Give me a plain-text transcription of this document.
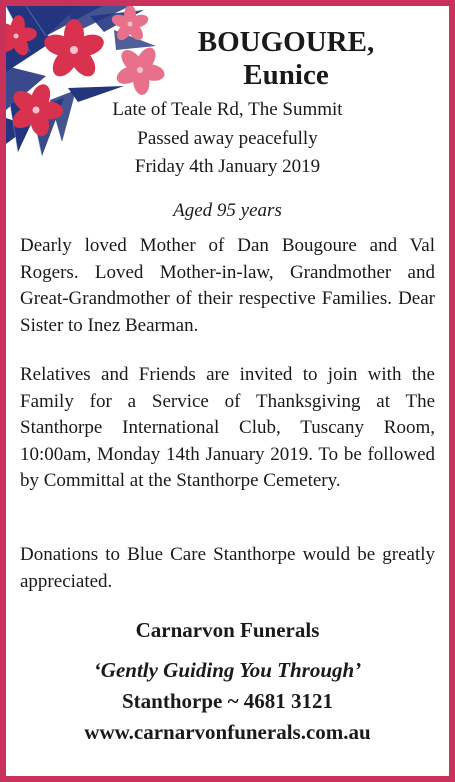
BOUGOURE,
Eunice
Late of Teale Rd, The Summit
Passed away peacefully
Friday 4th January 2019
Aged 95 years
Dearly loved Mother of Dan Bougoure and Val Rogers. Loved Mother-in-law, Grandmother and Great-Grandmother of their respective Families. Dear Sister to Inez Bearman.
Relatives and Friends are invited to join with the Family for a Service of Thanksgiving at The Stanthorpe International Club, Tuscany Room, 10:00am, Monday 14th January 2019. To be followed by Committal at the Stanthorpe Cemetery.
Donations to Blue Care Stanthorpe would be greatly appreciated.
Carnarvon Funerals
‘Gently Guiding You Through’
Stanthorpe ~ 4681 3121
www.carnarvonfunerals.com.au
